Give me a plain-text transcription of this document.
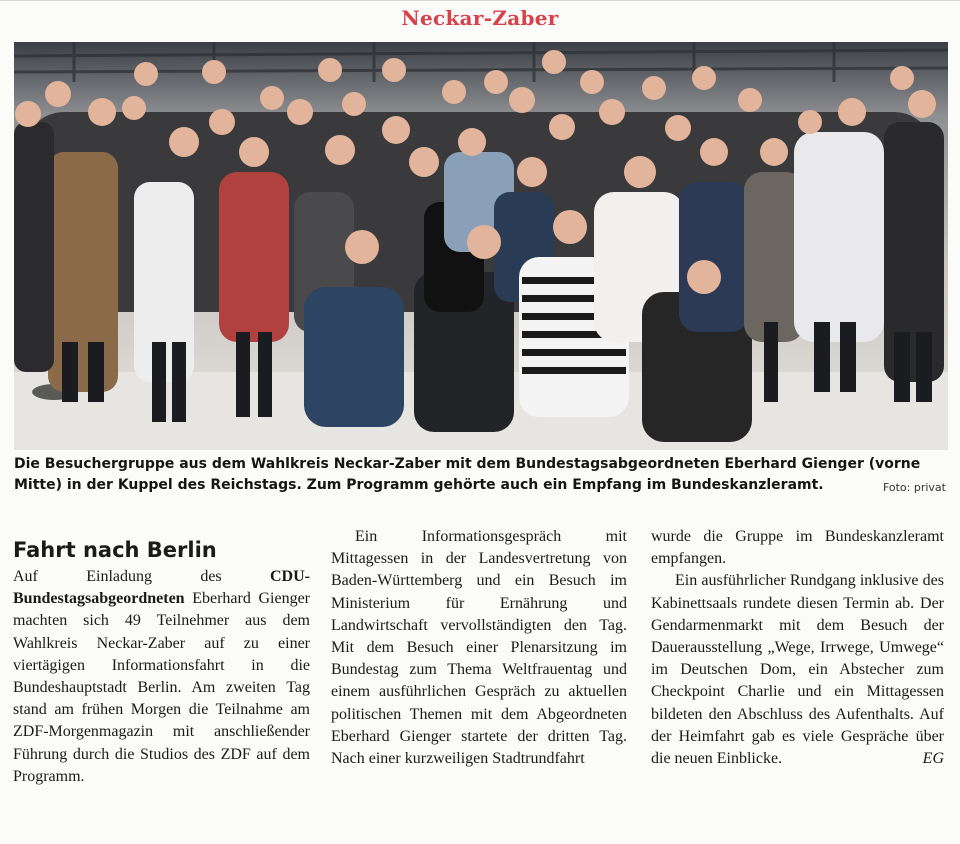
Neckar-Zaber
Die Besuchergruppe aus dem Wahlkreis Neckar-Zaber mit dem Bundestagsabgeordneten Eberhard Gienger (vorne Mitte) in der Kuppel des Reichstags. Zum Programm gehörte auch ein Empfang im Bundeskanzleramt.	Foto: privat
Fahrt nach Berlin

Auf Einladung des CDU-Bundestagsabgeordneten Eberhard Gienger machten sich 49 Teilnehmer aus dem Wahlkreis Neckar-Zaber auf zu einer viertägigen Informationsfahrt in die Bundeshauptstadt Berlin. Am zweiten Tag stand am frühen Morgen die Teilnahme am ZDF-Morgenmagazin mit anschließender Führung durch die Studios des ZDF auf dem Programm.

Ein Informationsgespräch mit Mittagessen in der Landesvertretung von Baden-Württemberg und ein Besuch im Ministerium für Ernährung und Landwirtschaft vervollständigten den Tag. Mit dem Besuch einer Plenarsitzung im Bundestag zum Thema Weltfrauentag und einem ausführlichen Gespräch zu aktuellen politischen Themen mit dem Abgeordneten Eberhard Gienger startete der dritten Tag. Nach einer kurzweiligen Stadtrundfahrt

wurde die Gruppe im Bundeskanzleramt empfangen.

Ein ausführlicher Rundgang inklusive des Kabinettsaals rundete diesen Termin ab. Der Gendarmenmarkt mit dem Besuch der Dauerausstellung „Wege, Irrwege, Umwege“ im Deutschen Dom, ein Abstecher zum Checkpoint Charlie und ein Mittagessen bildeten den Abschluss des Aufenthalts. Auf der Heimfahrt gab es viele Gespräche über die neuen Einblicke.	EG
